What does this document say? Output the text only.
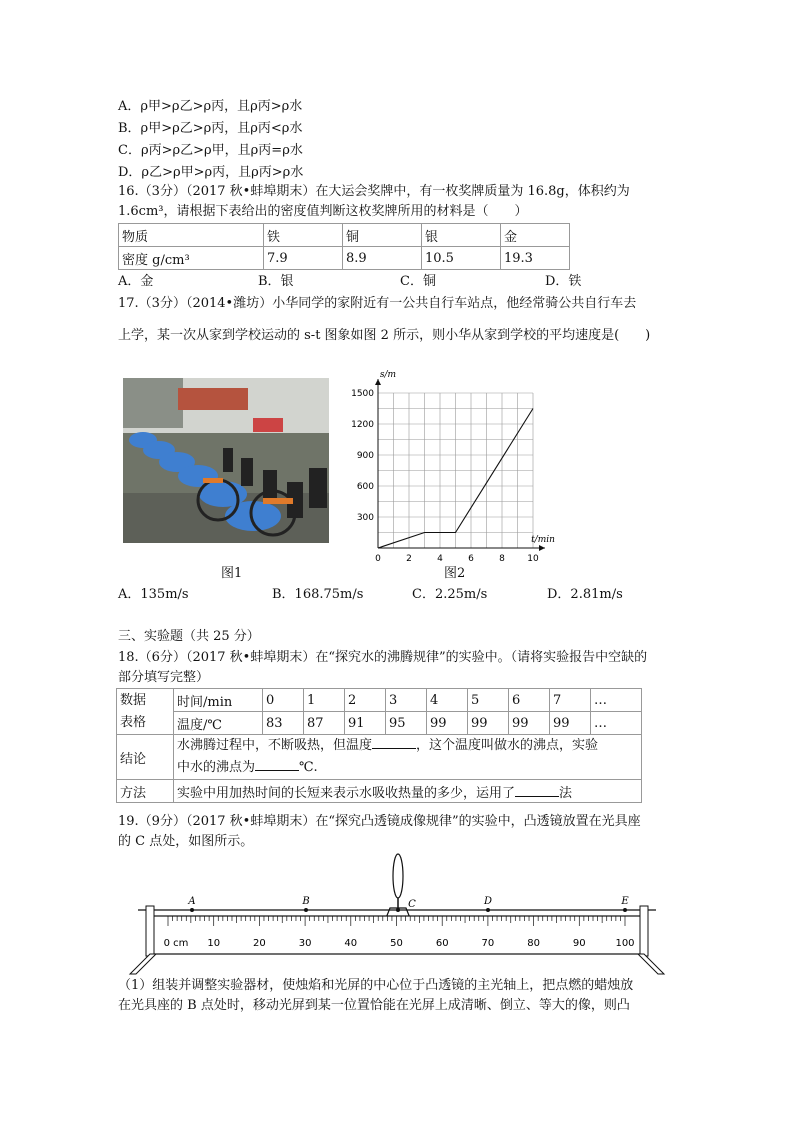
A．ρ甲>ρ乙>ρ丙，且ρ丙>ρ水
B．ρ甲>ρ乙>ρ丙，且ρ丙<ρ水
C．ρ丙>ρ乙>ρ甲，且ρ丙=ρ水
D．ρ乙>ρ甲>ρ丙，且ρ丙>ρ水
16.（3分）（2017 秋•蚌埠期末）在大运会奖牌中，有一枚奖牌质量为 16.8g，体积约为
1.6cm³，请根据下表给出的密度值判断这枚奖牌所用的材料是（　　）
物质	铁	铜	银	金
密度 g/cm³	7.9	8.9	10.5	19.3
A．金	B．银	C．铜	D．铁
17.（3分）（2014•潍坊）小华同学的家附近有一公共自行车站点，他经常骑公共自行车去
上学，某一次从家到学校运动的 s-t 图象如图 2 所示，则小华从家到学校的平均速度是(　　)
图1
0	2	4	6	8 10
300
600
900
1200
1500
t/min
s/m
图2
A．135m/s	B．168.75m/s	C．2.25m/s	D．2.81m/s
三、实验题（共 25 分）
18.（6分）（2017 秋•蚌埠期末）在“探究水的沸腾规律”的实验中。（请将实验报告中空缺的
部分填写完整）
数据
表格	时间/min	0	1	2	3	4	5	6	7	…
	温度/℃	83	87	91	95	99	99	99	99	…
结论	水沸腾过程中，不断吸热，但温度 ，这个温度叫做水的沸点，实验
中水的沸点为 ℃.									
方法	实验中用加热时间的长短来表示水吸收热量的多少，运用了 法									
19.（9分）（2017 秋•蚌埠期末）在“探究凸透镜成像规律”的实验中，凸透镜放置在光具座
的 C 点处，如图所示。
0 cm 10	20	30	40	50	60	70	80	90	100
A	B	C	D	E
（1）组装并调整实验器材，使烛焰和光屏的中心位于凸透镜的主光轴上，把点燃的蜡烛放
在光具座的 B 点处时，移动光屏到某一位置恰能在光屏上成清晰、倒立、等大的像，则凸
